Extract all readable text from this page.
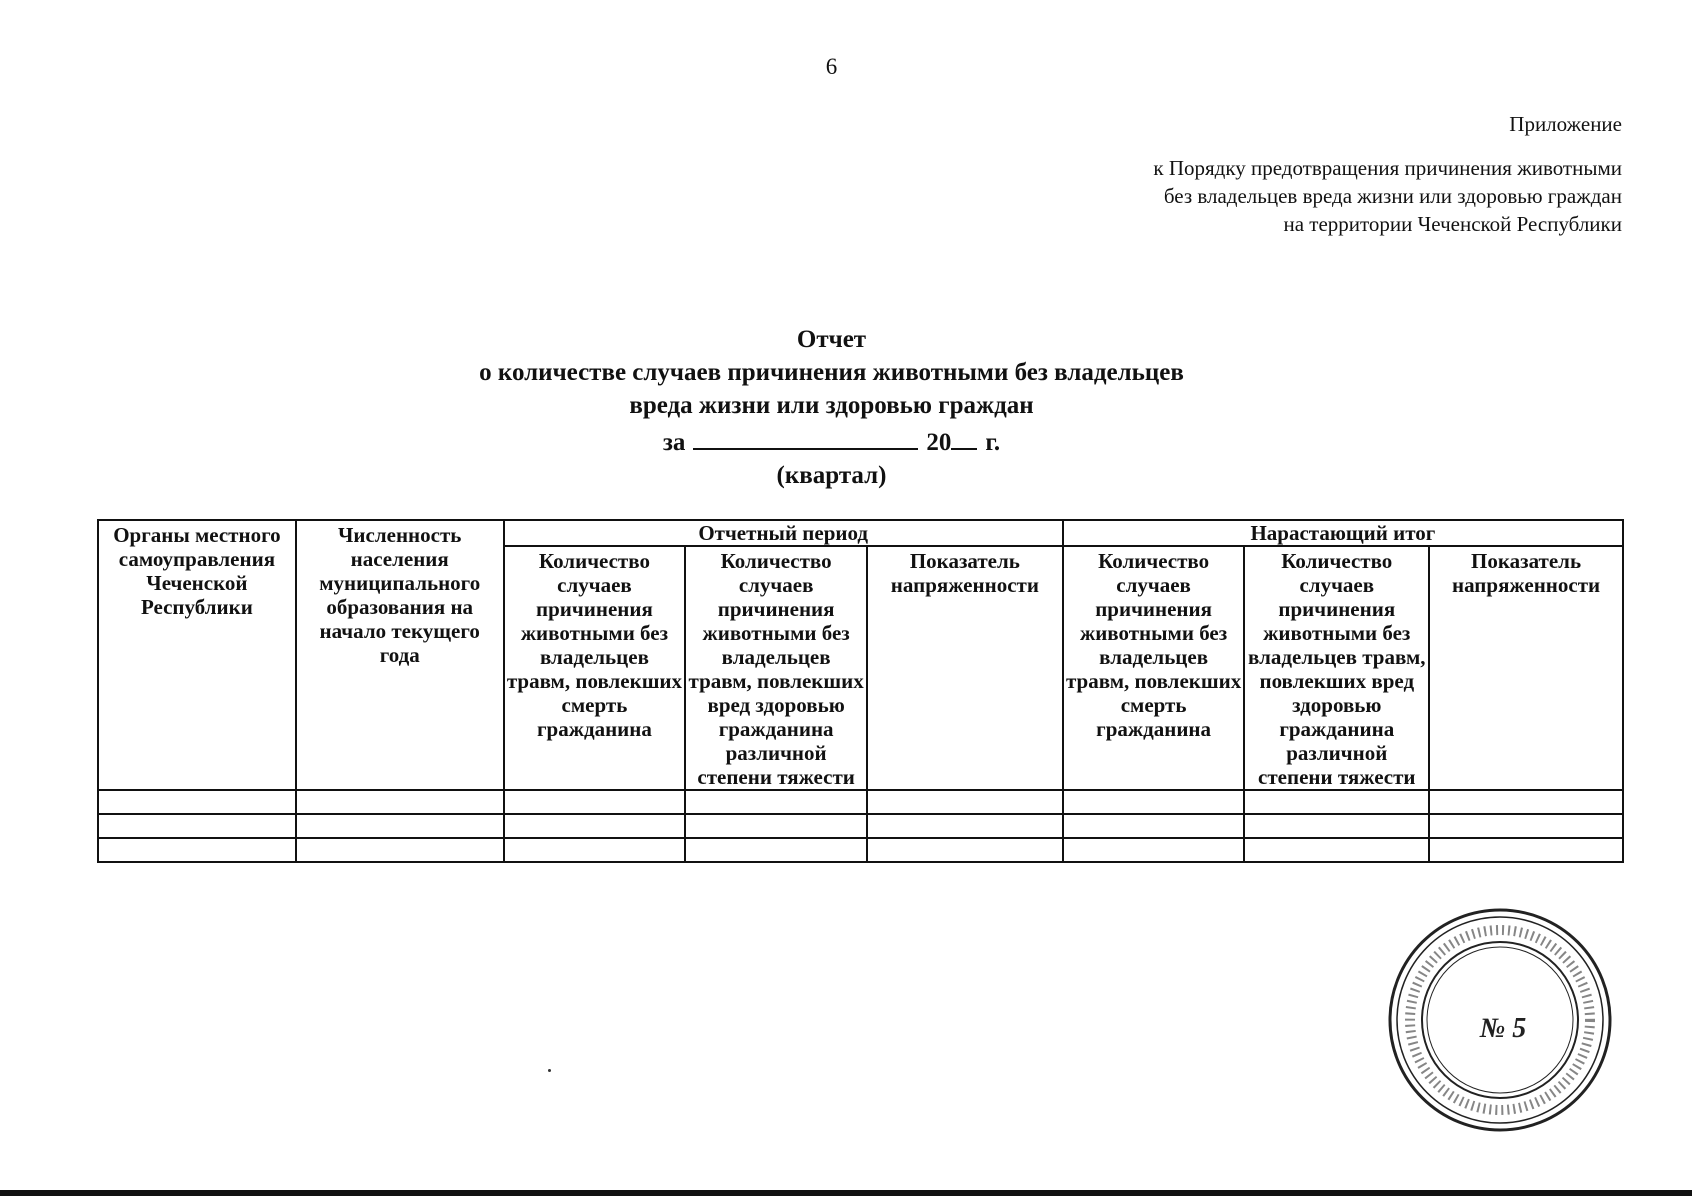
6
Приложение
к Порядку предотвращения причинения животными
без владельцев вреда жизни или здоровью граждан
на территории Чеченской Республики
Отчет
о количестве случаев причинения животными без владельцев
вреда жизни или здоровью граждан
за	20 г.
(квартал)
Органы местного самоуправления Чеченской Республики	Численность населения муниципального образования на начало текущего года	Отчетный период			Нарастающий итог		
		Количество случаев причинения животными без владельцев травм, повлекших смерть гражданина	Количество случаев причинения животными без владельцев травм, повлекших вред здоровью гражданина различной степени тяжести	Показатель напряженности	Количество случаев причинения животными без владельцев травм, повлекших смерть гражданина	Количество случаев причинения животными без владельцев травм, повлекших вред здоровью гражданина различной степени тяжести	Показатель напряженности

№ 5
